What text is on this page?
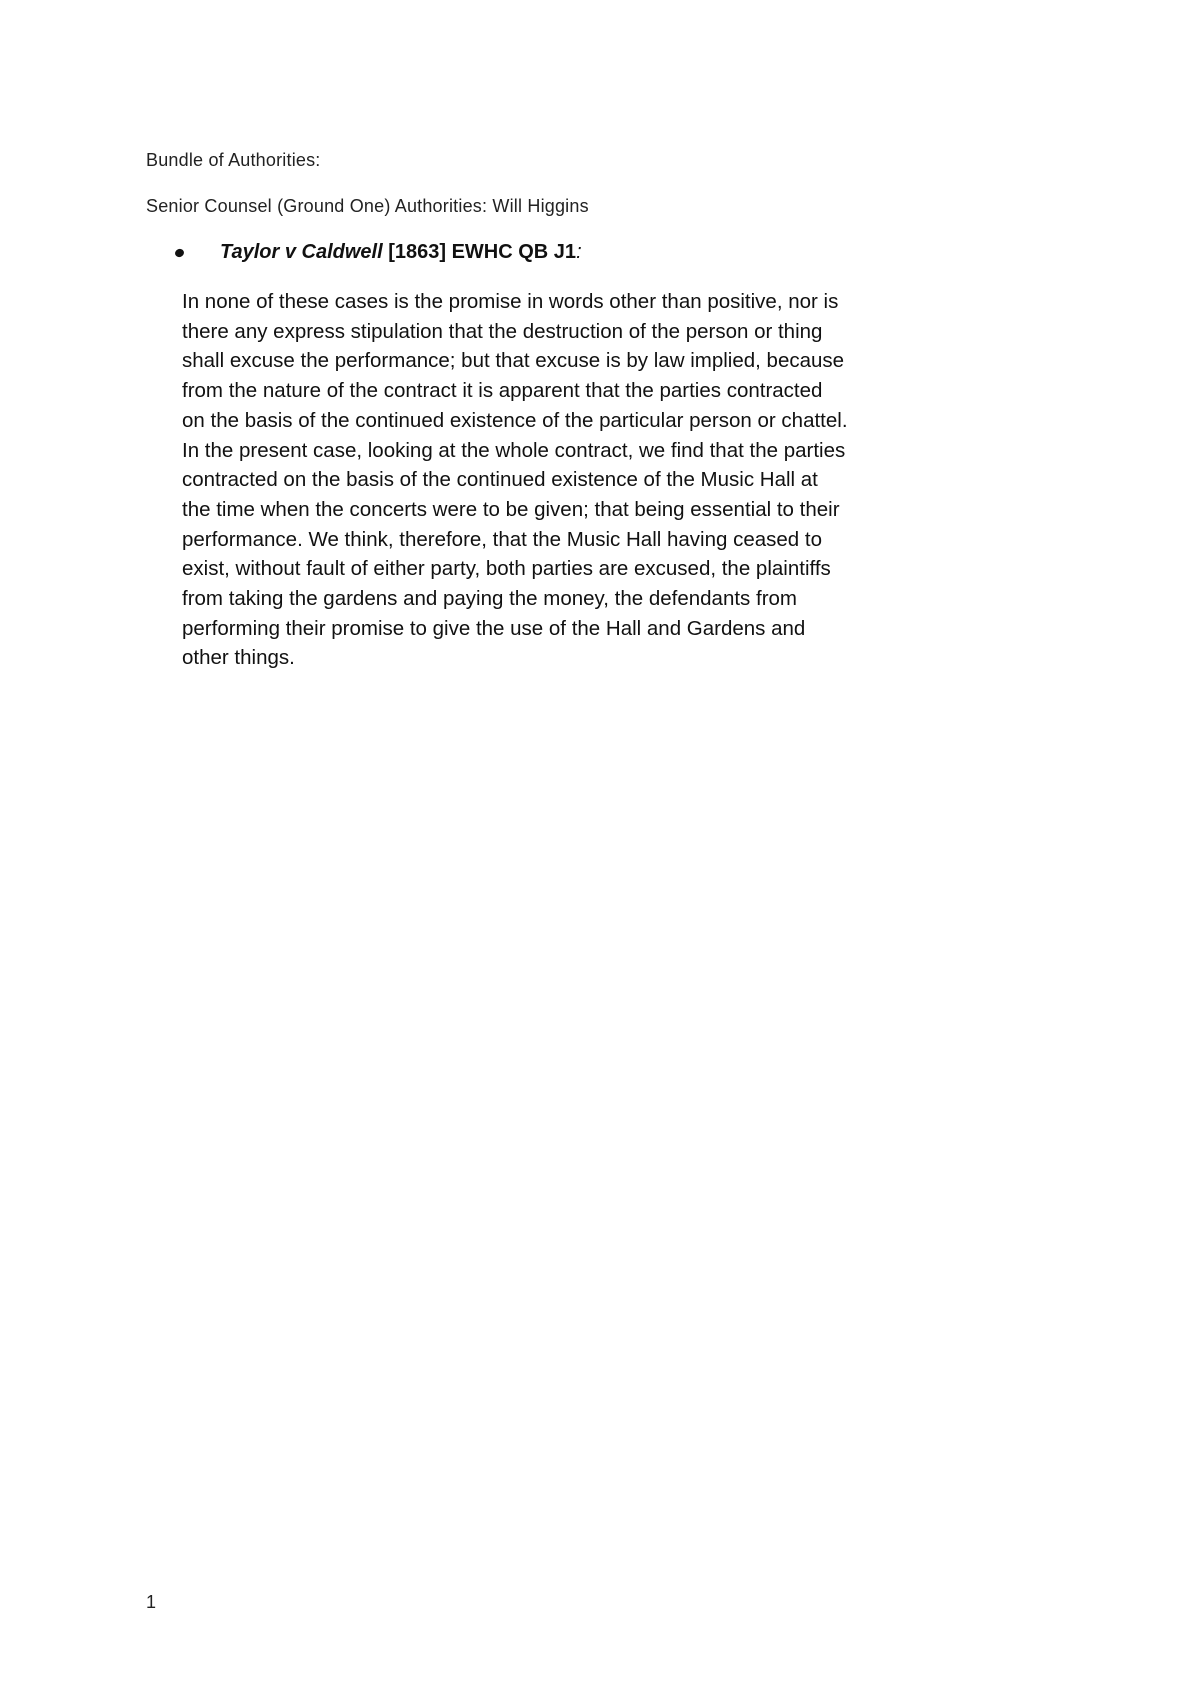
Bundle of Authorities:
Senior Counsel (Ground One) Authorities: Will Higgins
Taylor v Caldwell [1863] EWHC QB J1:
In none of these cases is the promise in words other than positive, nor is
there any express stipulation that the destruction of the person or thing
shall excuse the performance; but that excuse is by law implied, because
from the nature of the contract it is apparent that the parties contracted
on the basis of the continued existence of the particular person or chattel.
In the present case, looking at the whole contract, we find that the parties
contracted on the basis of the continued existence of the Music Hall at
the time when the concerts were to be given; that being essential to their
performance. We think, therefore, that the Music Hall having ceased to
exist, without fault of either party, both parties are excused, the plaintiffs
from taking the gardens and paying the money, the defendants from
performing their promise to give the use of the Hall and Gardens and
other things.
1
